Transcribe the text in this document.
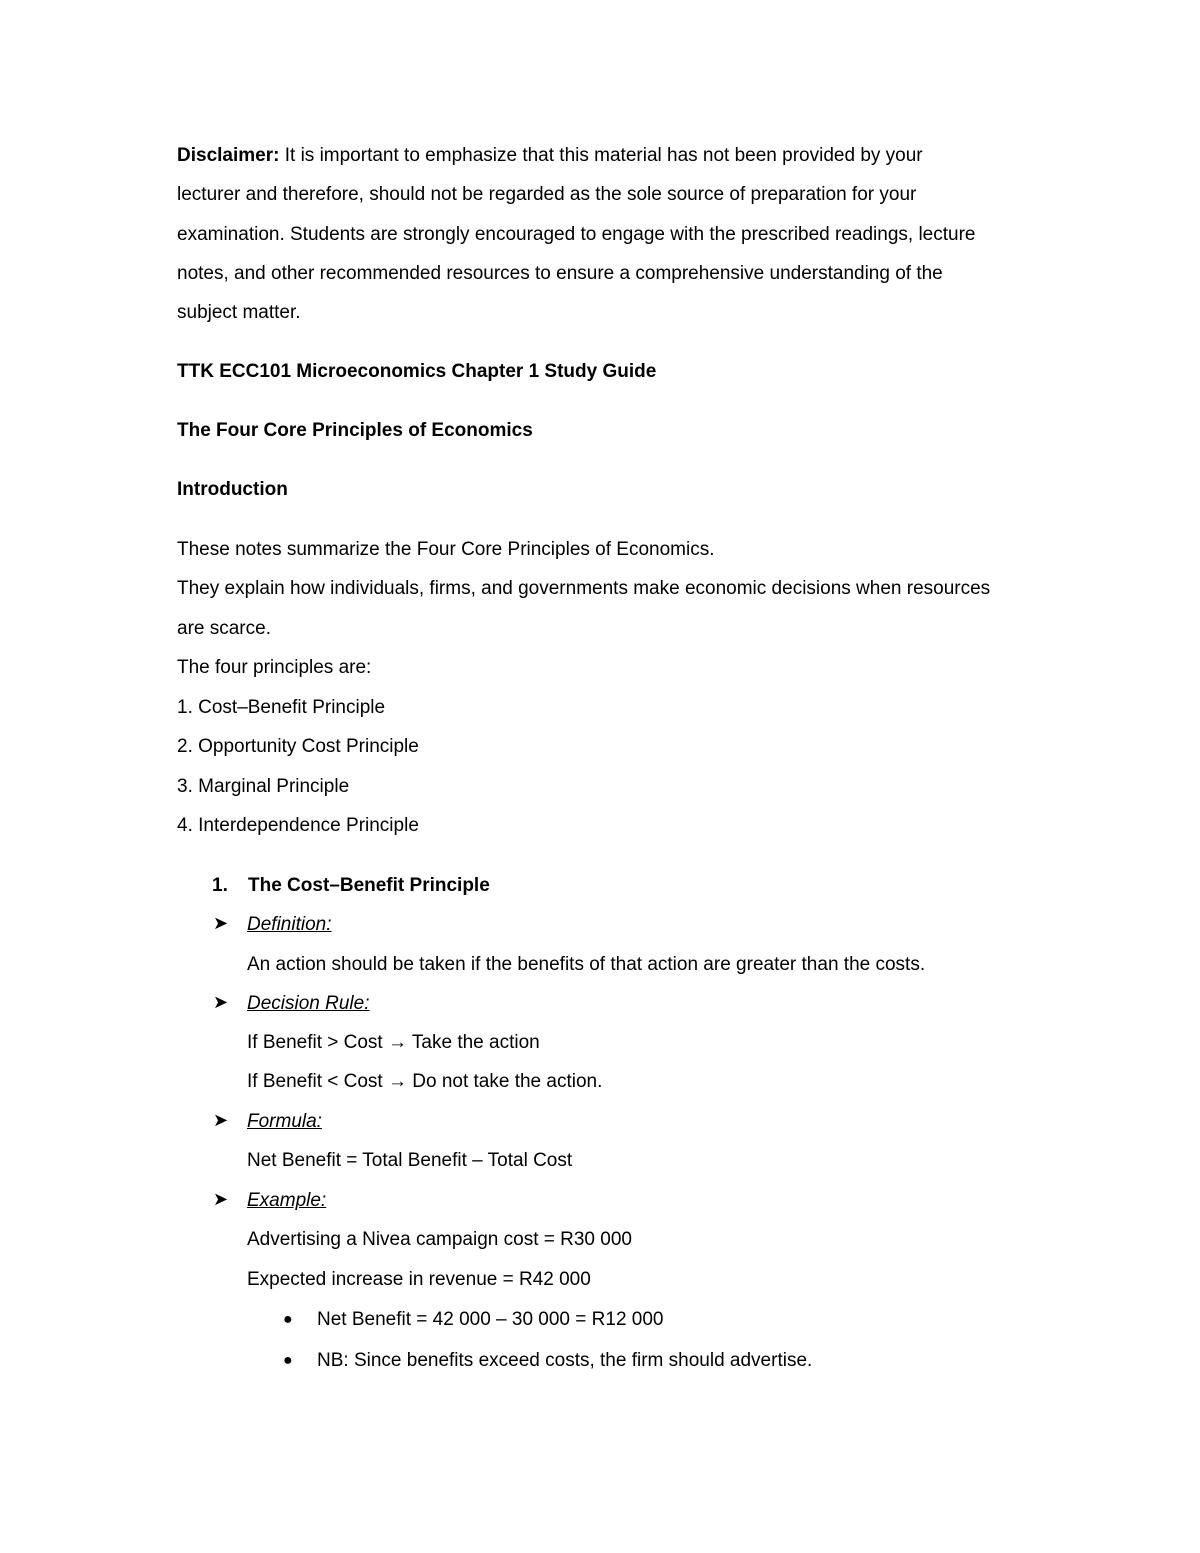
Disclaimer: It is important to emphasize that this material has not been provided by your
lecturer and therefore, should not be regarded as the sole source of preparation for your
examination. Students are strongly encouraged to engage with the prescribed readings, lecture
notes, and other recommended resources to ensure a comprehensive understanding of the
subject matter.
TTK ECC101 Microeconomics Chapter 1 Study Guide
The Four Core Principles of Economics
Introduction
These notes summarize the Four Core Principles of Economics.
They explain how individuals, firms, and governments make economic decisions when resources
are scarce.
The four principles are:
1. Cost–Benefit Principle
2. Opportunity Cost Principle
3. Marginal Principle
4. Interdependence Principle
1. The Cost–Benefit Principle
➤ Definition:
An action should be taken if the benefits of that action are greater than the costs.
➤ Decision Rule:
If Benefit > Cost → Take the action
If Benefit < Cost → Do not take the action.
➤ Formula:
Net Benefit = Total Benefit – Total Cost
➤ Example:
Advertising a Nivea campaign cost = R30 000
Expected increase in revenue = R42 000
● Net Benefit = 42 000 – 30 000 = R12 000
● NB: Since benefits exceed costs, the firm should advertise.
